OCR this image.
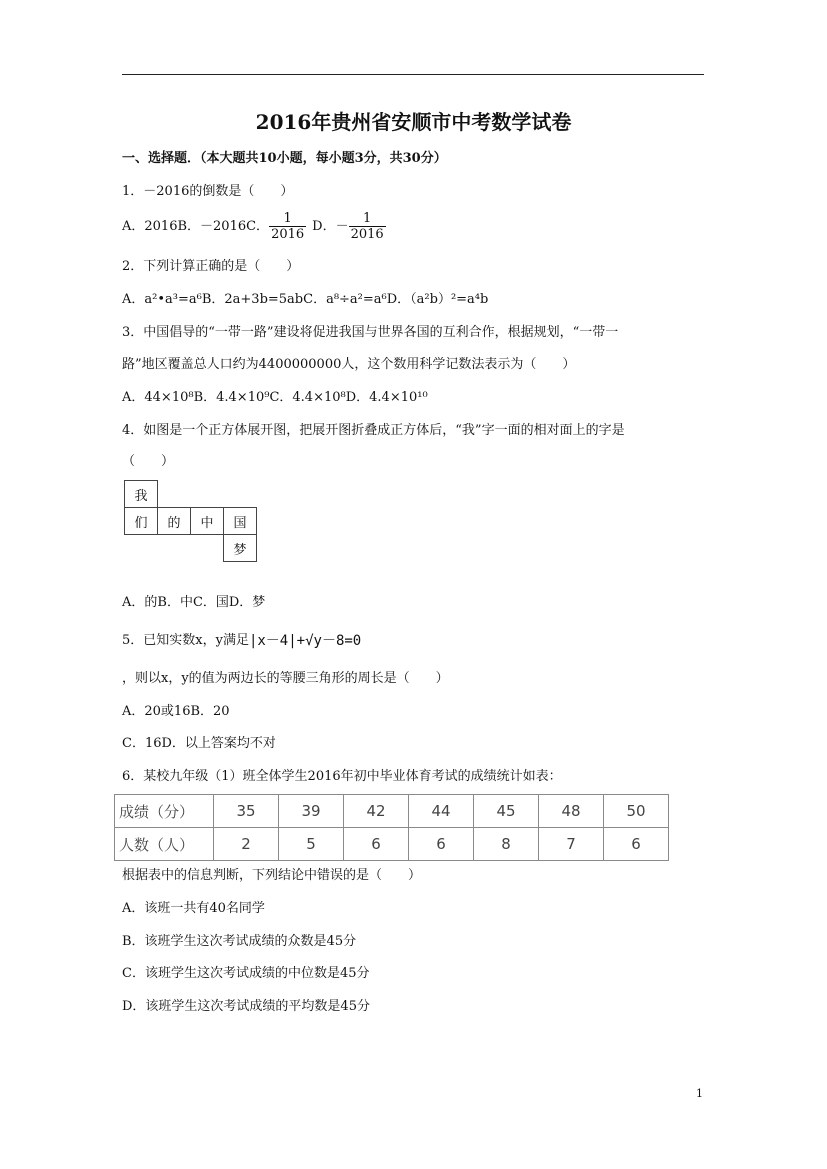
2016年贵州省安顺市中考数学试卷
一、选择题．（本大题共10小题，每小题3分，共30分）
1．－2016的倒数是（　　）
A．2016B．－2016C． $\frac{1}{2016}$ D．－ $\frac{1}{2016}$
2．下列计算正确的是（　　）
A．a²•a³=a⁶B．2a+3b=5abC．a⁸÷a²=a⁶D．（a²b）²=a⁴b
3．中国倡导的“一带一路”建设将促进我国与世界各国的互利合作，根据规划，“一带一
路”地区覆盖总人口约为4400000000人，这个数用科学记数法表示为（　　）
A．44×10⁸B．4.4×10⁹C．4.4×10⁸D．4.4×10¹⁰
4．如图是一个正方体展开图，把展开图折叠成正方体后，“我”字一面的相对面上的字是
（　　）
我			
们	的	中	国
			梦
A．的B．中C．国D．梦
5．已知实数x，y满足 |x－4|+√y－8=0
，则以x，y的值为两边长的等腰三角形的周长是（　　）
A．20或16B．20
C．16D．以上答案均不对
6．某校九年级（1）班全体学生2016年初中毕业体育考试的成绩统计如表：
成绩（分）	35	39	42	44	45	48	50
人数（人）	2	5	6	6	8	7	6
根据表中的信息判断，下列结论中错误的是（　　）
A．该班一共有40名同学
B．该班学生这次考试成绩的众数是45分
C．该班学生这次考试成绩的中位数是45分
D．该班学生这次考试成绩的平均数是45分
1
